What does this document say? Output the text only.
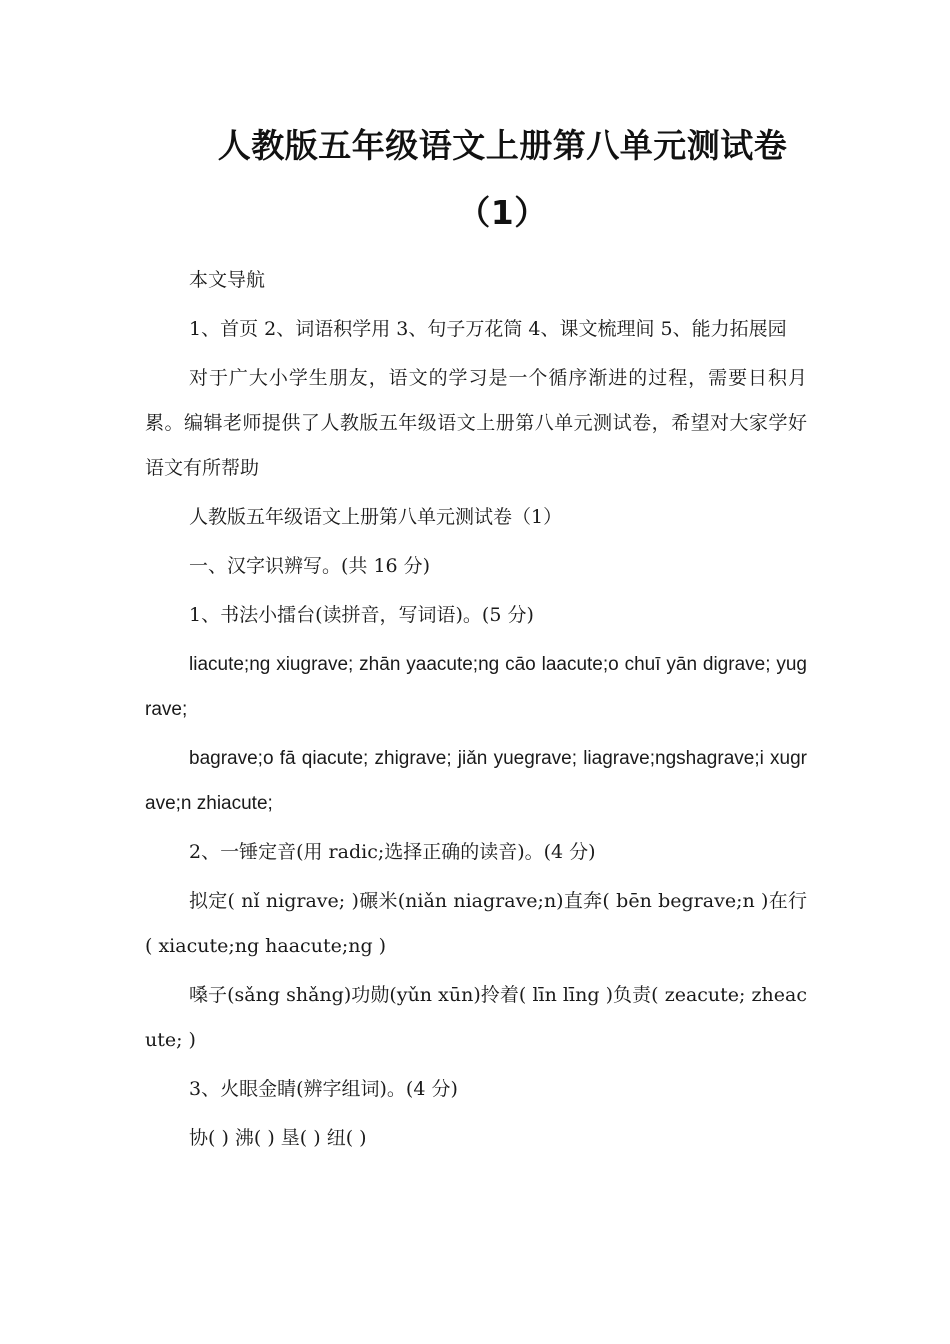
人教版五年级语文上册第八单元测试卷
（1）

本文导航

1、首页 2、词语积学用 3、句子万花筒 4、课文梳理间 5、能力拓展园

对于广大小学生朋友，语文的学习是一个循序渐进的过程，需要日积月累。编辑老师提供了人教版五年级语文上册第八单元测试卷，希望对大家学好语文有所帮助

人教版五年级语文上册第八单元测试卷（1）

一、汉字识辨写。(共 16 分)

1、书法小擂台(读拼音，写词语)。(5 分)

liacute;ng xiugrave; zhān yaacute;ng cāo laacute;o chuī yān digrave; yugrave;

bagrave;o fā qiacute; zhigrave; jiǎn yuegrave; liagrave;ngshagrave;i xugrave;n zhiacute;

2、一锤定音(用 radic;选择正确的读音)。(4 分)

拟定( nǐ nigrave; )碾米(niǎn niagrave;n)直奔( bēn begrave;n )在行( xiacute;ng haacute;ng )

嗓子(sǎng shǎng)功勋(yǔn xūn)拎着( līn līng )负责( zeacute; zheacute; )

3、火眼金睛(辨字组词)。(4 分)

协( ) 沸( ) 垦( ) 纽( )
